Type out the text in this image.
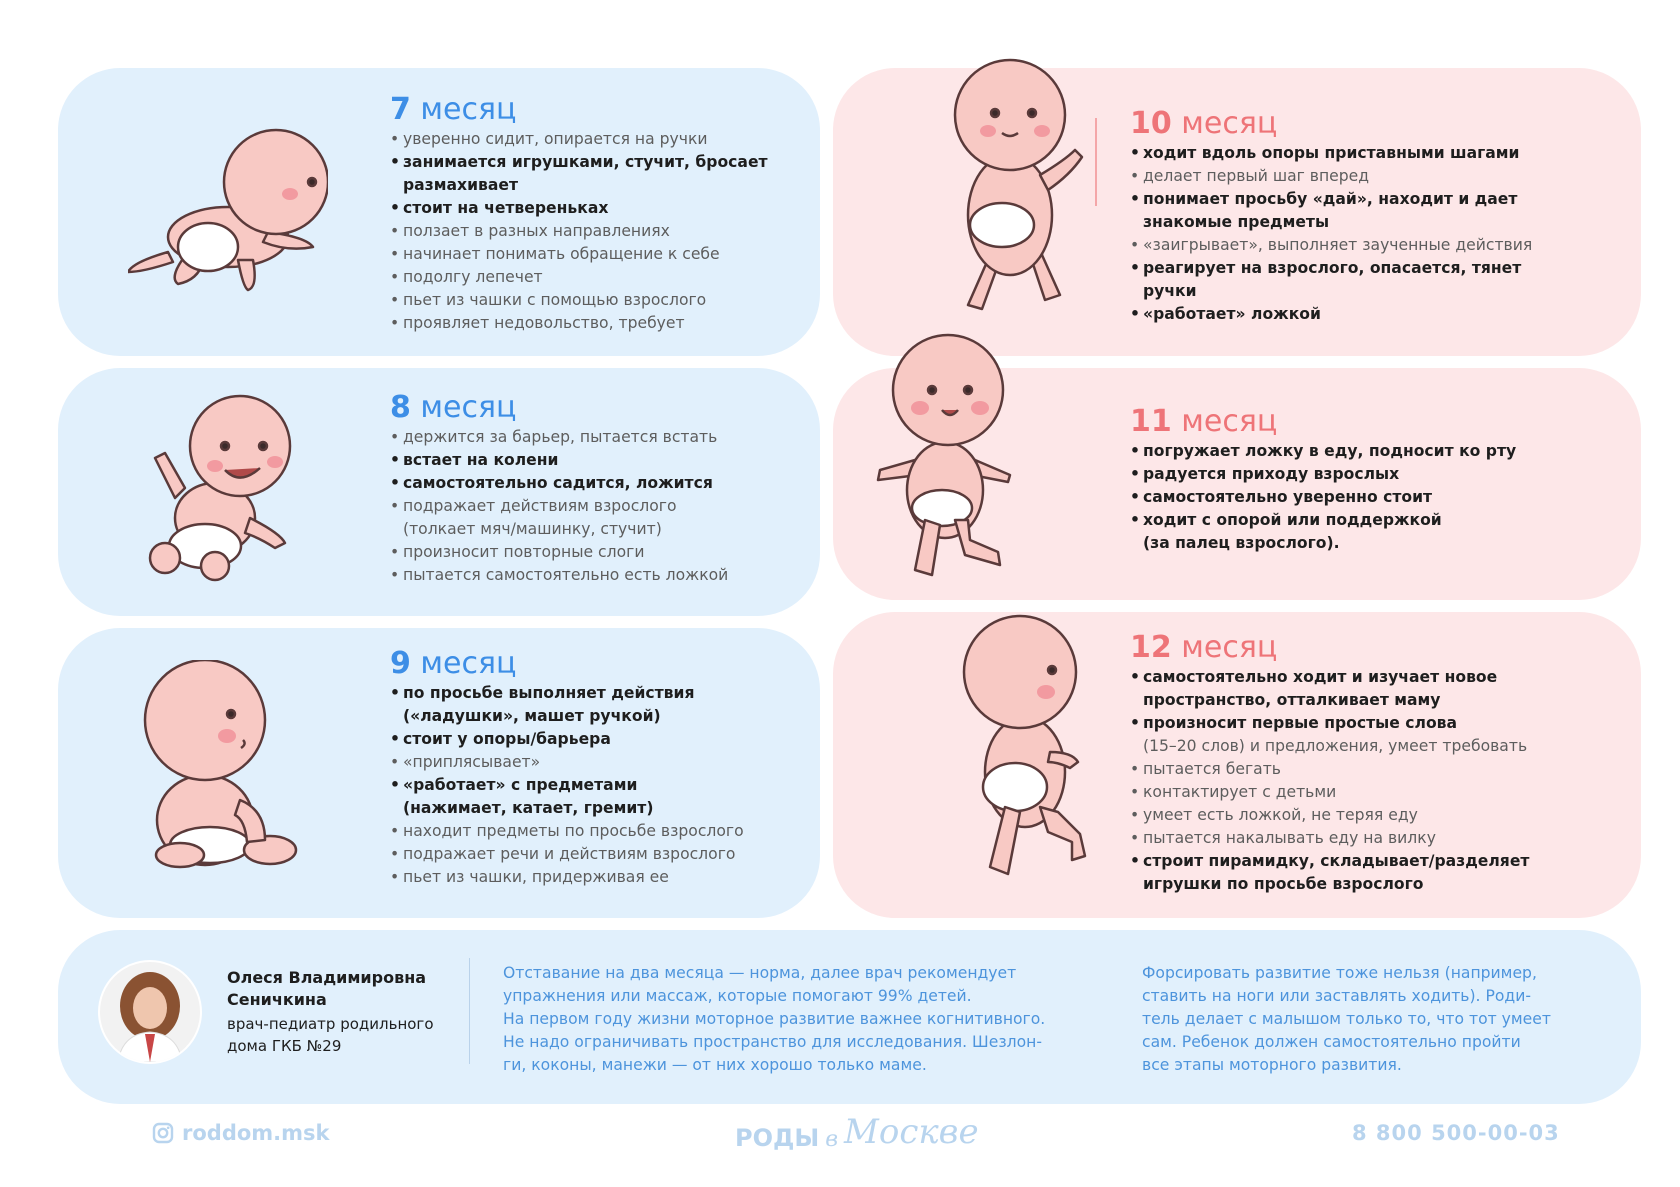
7 месяц
• уверенно сидит, опирается на ручки
• занимается игрушками, стучит, бросает
размахивает
• стоит на четвереньках
• ползает в разных направлениях
• начинает понимать обращение к себе
• подолгу лепечет
• пьет из чашки с помощью взрослого
• проявляет недовольство, требует
8 месяц
• держится за барьер, пытается встать
• встает на колени
• самостоятельно садится, ложится
• подражает действиям взрослого
(толкает мяч/машинку, стучит)
• произносит повторные слоги
• пытается самостоятельно есть ложкой
9 месяц
• по просьбе выполняет действия
(«ладушки», машет ручкой)
• стоит у опоры/барьера
• «приплясывает»
• «работает» с предметами
(нажимает, катает, гремит)
• находит предметы по просьбе взрослого
• подражает речи и действиям взрослого
• пьет из чашки, придерживая ее
10 месяц
• ходит вдоль опоры приставными шагами
• делает первый шаг вперед
• понимает просьбу «дай», находит и дает
знакомые предметы
• «заигрывает», выполняет заученные действия
• реагирует на взрослого, опасается, тянет
ручки
• «работает» ложкой
11 месяц
• погружает ложку в еду, подносит ко рту
• радуется приходу взрослых
• самостоятельно уверенно стоит
• ходит с опорой или поддержкой
(за палец взрослого).
12 месяц
• самостоятельно ходит и изучает новое
пространство, отталкивает маму
• произносит первые простые слова
(15–20 слов) и предложения, умеет требовать
• пытается бегать
• контактирует с детьми
• умеет есть ложкой, не теряя еду
• пытается накалывать еду на вилку
• строит пирамидку, складывает/разделяет
игрушки по просьбе взрослого
Олеся Владимировна
Сеничкина
врач-педиатр родильного
дома ГКБ №29
Отставание на два месяца — норма, далее врач рекомендует
упражнения или массаж, которые помогают 99% детей.
На первом году жизни моторное развитие важнее когнитивного.
Не надо ограничивать пространство для исследования. Шезлон-
ги, коконы, манежи — от них хорошо только маме.
Форсировать развитие тоже нельзя (например,
ставить на ноги или заставлять ходить). Роди-
тель делает с малышом только то, что тот умеет
сам. Ребенок должен самостоятельно пройти
все этапы моторного развития.
roddom.msk	РОДЫ в Москве	8 800 500-00-03
